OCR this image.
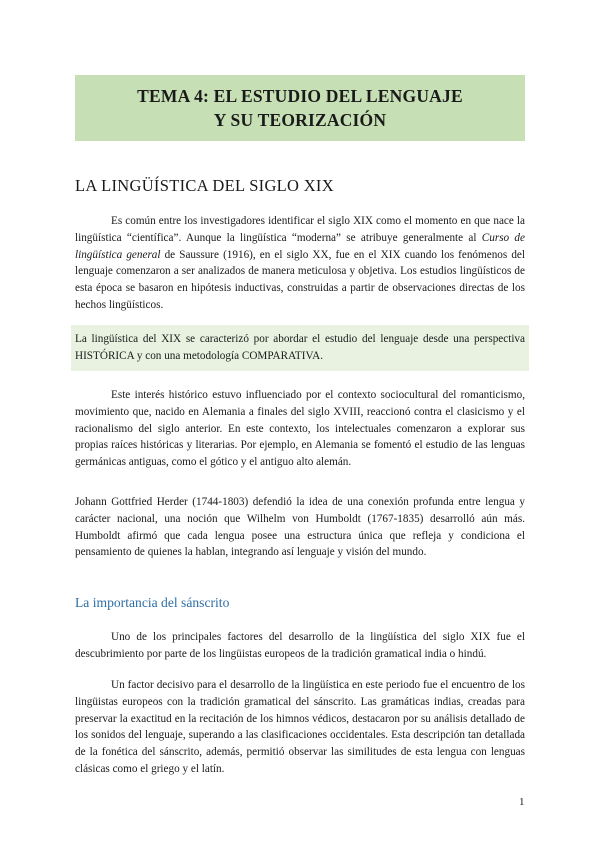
TEMA 4: EL ESTUDIO DEL LENGUAJE
Y SU TEORIZACIÓN
LA LINGÜÍSTICA DEL SIGLO XIX

Es común entre los investigadores identificar el siglo XIX como el momento en que nace la lingüística “científica”. Aunque la lingüística “moderna” se atribuye generalmente al Curso de lingüística general de Saussure (1916), en el siglo XX, fue en el XIX cuando los fenómenos del lenguaje comenzaron a ser analizados de manera meticulosa y objetiva. Los estudios lingüísticos de esta época se basaron en hipótesis inductivas, construidas a partir de observaciones directas de los hechos lingüísticos.

La lingüística del XIX se caracterizó por abordar el estudio del lenguaje desde una perspectiva HISTÓRICA y con una metodología COMPARATIVA.

Este interés histórico estuvo influenciado por el contexto sociocultural del romanticismo, movimiento que, nacido en Alemania a finales del siglo XVIII, reaccionó contra el clasicismo y el racionalismo del siglo anterior. En este contexto, los intelectuales comenzaron a explorar sus propias raíces históricas y literarias. Por ejemplo, en Alemania se fomentó el estudio de las lenguas germánicas antiguas, como el gótico y el antiguo alto alemán.

Johann Gottfried Herder (1744-1803) defendió la idea de una conexión profunda entre lengua y carácter nacional, una noción que Wilhelm von Humboldt (1767-1835) desarrolló aún más. Humboldt afirmó que cada lengua posee una estructura única que refleja y condiciona el pensamiento de quienes la hablan, integrando así lenguaje y visión del mundo.

La importancia del sánscrito

Uno de los principales factores del desarrollo de la lingüística del siglo XIX fue el descubrimiento por parte de los lingüistas europeos de la tradición gramatical india o hindú.

Un factor decisivo para el desarrollo de la lingüística en este periodo fue el encuentro de los lingüistas europeos con la tradición gramatical del sánscrito. Las gramáticas indias, creadas para preservar la exactitud en la recitación de los himnos védicos, destacaron por su análisis detallado de los sonidos del lenguaje, superando a las clasificaciones occidentales. Esta descripción tan detallada de la fonética del sánscrito, además, permitió observar las similitudes de esta lengua con lenguas clásicas como el griego y el latín.

1
